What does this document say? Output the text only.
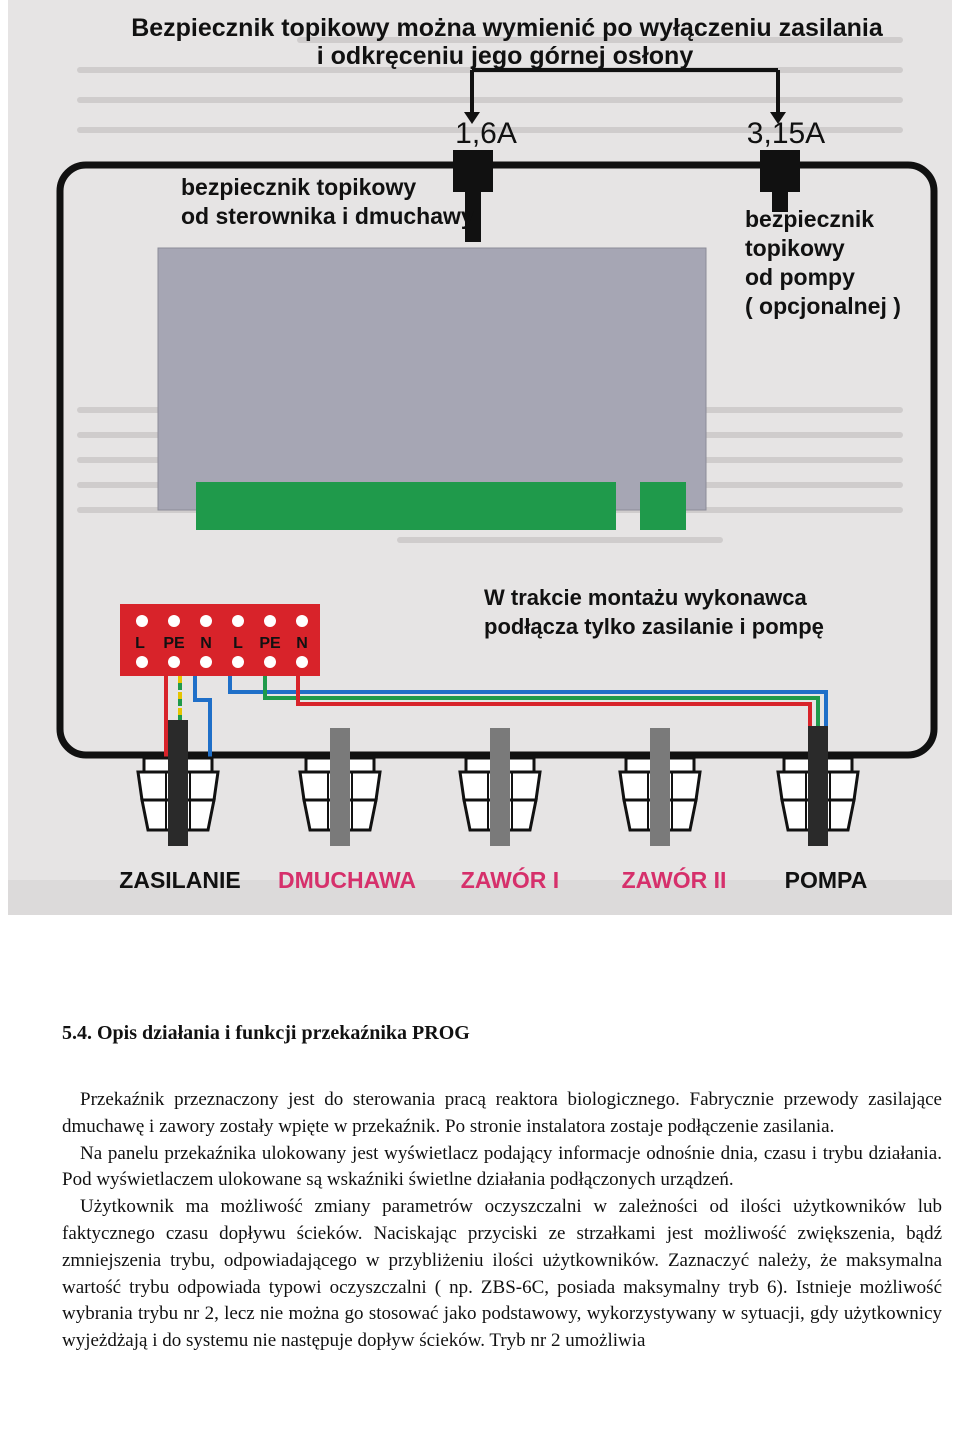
L PE N L PE N
Bezpiecznik topikowy można wymienić po wyłączeniu zasilania
i odkręceniu jego górnej osłony
1,6A	3,15A
bezpiecznik topikowy
od sterownika i dmuchawy	bezpiecznik
topikowy
od pompy
( opcjonalnej )
W trakcie montażu wykonawca
podłącza tylko zasilanie i pompę
ZASILANIE DMUCHAWA ZAWÓR I	ZAWÓR II	POMPA
5.4. Opis działania i funkcji przekaźnika PROG

Przekaźnik przeznaczony jest do sterowania pracą reaktora biologicznego. Fabrycznie przewody zasilające dmuchawę i zawory zostały wpięte w przekaźnik. Po stronie instalatora zostaje podłączenie zasilania.

Na panelu przekaźnika ulokowany jest wyświetlacz podający informacje odnośnie dnia, czasu i trybu działania. Pod wyświetlaczem ulokowane są wskaźniki świetlne działania podłączonych urządzeń.

Użytkownik ma możliwość zmiany parametrów oczyszczalni w zależności od ilości użytkowników lub faktycznego czasu dopływu ścieków. Naciskając przyciski ze strzałkami jest możliwość zwiększenia, bądź zmniejszenia trybu, odpowiadającego w przybliżeniu ilości użytkowników. Zaznaczyć należy, że maksymalna wartość trybu odpowiada typowi oczyszczalni ( np. ZBS-6C, posiada maksymalny tryb 6). Istnieje możliwość wybrania trybu nr 2, lecz nie można go stosować jako podstawowy, wykorzystywany w sytuacji, gdy użytkownicy wyjeżdżają i do systemu nie następuje dopływ ścieków. Tryb nr 2 umożliwia
